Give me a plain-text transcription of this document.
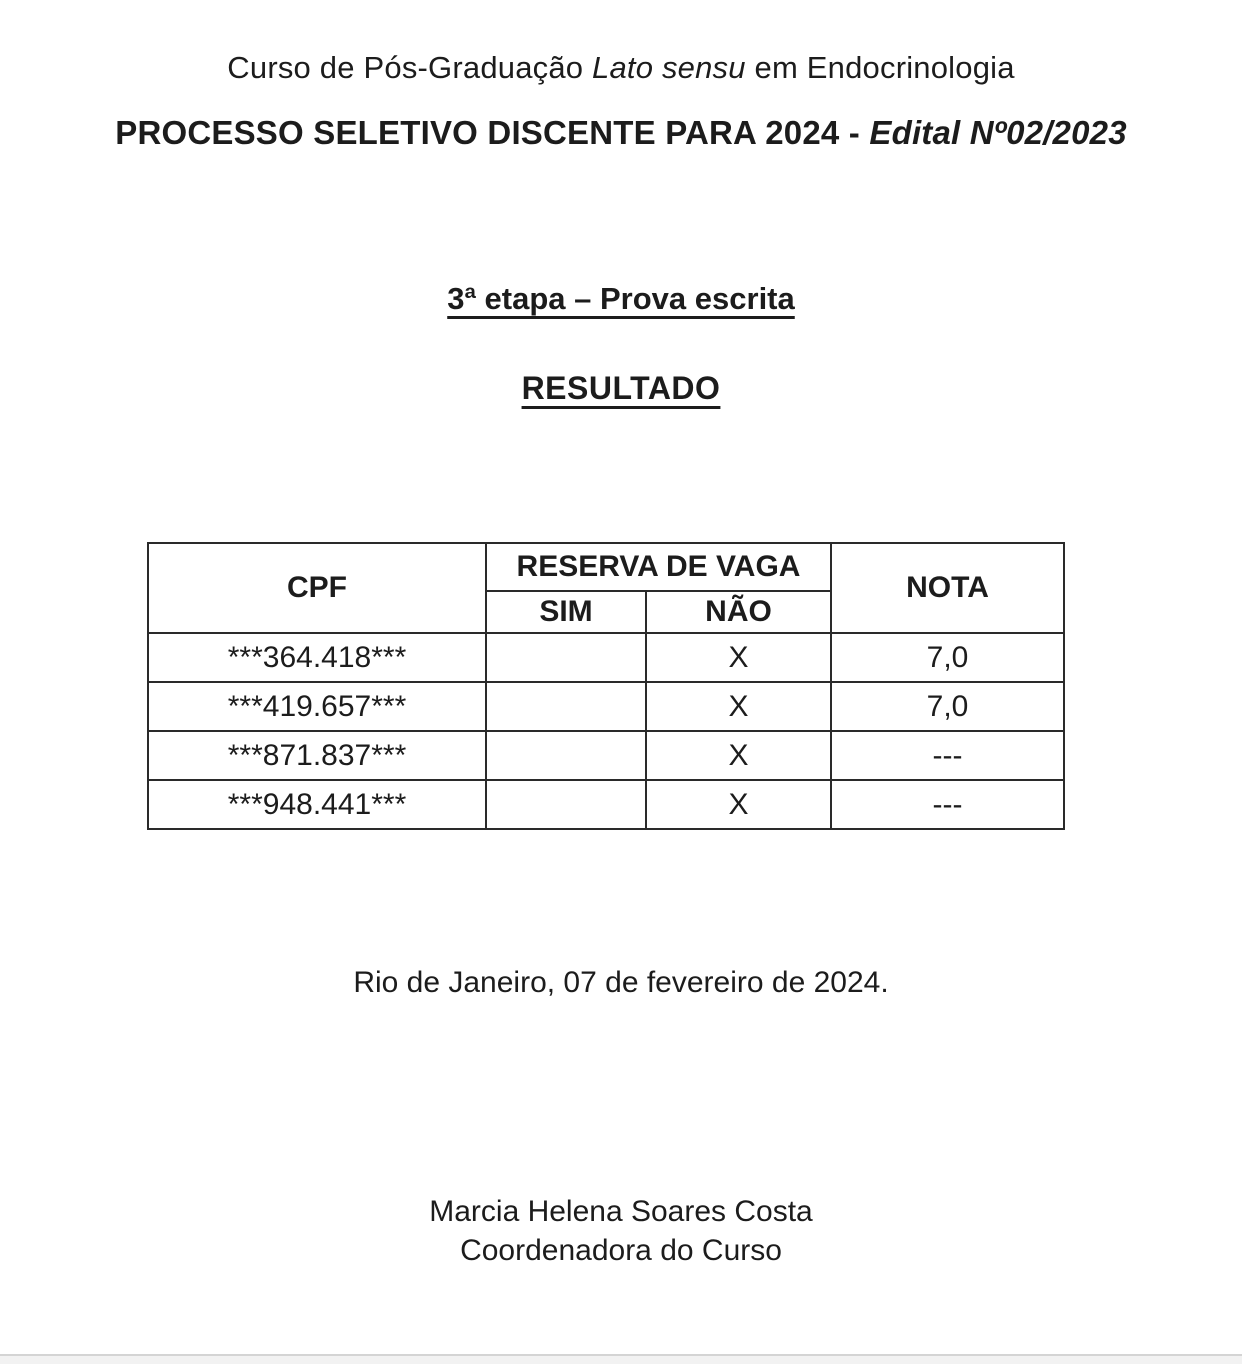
Curso de Pós-Graduação Lato sensu em Endocrinologia
PROCESSO SELETIVO DISCENTE PARA 2024 - Edital Nº02/2023
3ª etapa – Prova escrita
RESULTADO
CPF	RESERVA DE VAGA		NOTA
	SIM	NÃO	
***364.418***		X	7,0
***419.657***		X	7,0
***871.837***		X	---
***948.441***		X	---
Rio de Janeiro, 07 de fevereiro de 2024.
Marcia Helena Soares Costa
Coordenadora do Curso
